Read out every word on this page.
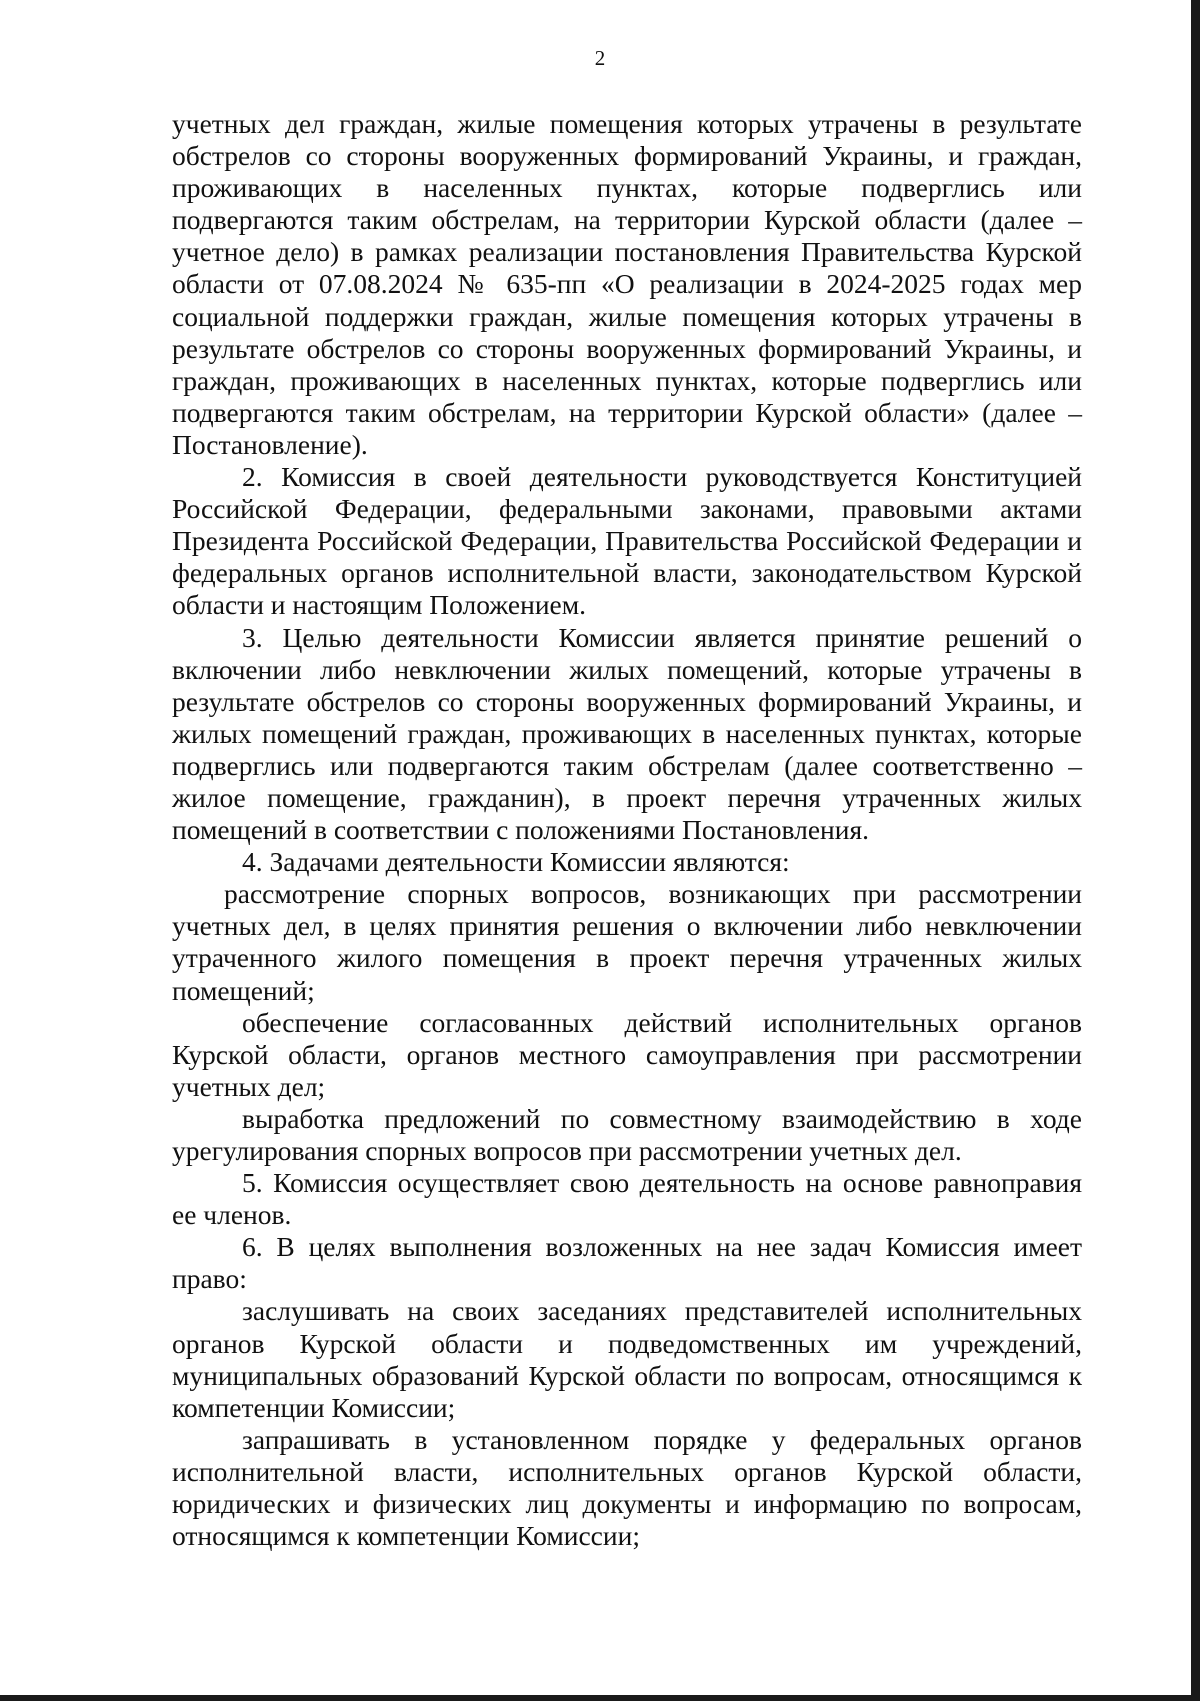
2

учетных дел граждан, жилые помещения которых утрачены в результате обстрелов со стороны вооруженных формирований Украины, и граждан, проживающих в населенных пунктах, которые подверглись или подвергаются таким обстрелам, на территории Курской области (далее – учетное дело) в рамках реализации постановления Правительства Курской области от 07.08.2024 № 635-пп «О реализации в 2024-2025 годах мер социальной поддержки граждан, жилые помещения которых утрачены в результате обстрелов со стороны вооруженных формирований Украины, и граждан, проживающих в населенных пунктах, которые подверглись или подвергаются таким обстрелам, на территории Курской области» (далее – Постановление).

2. Комиссия в своей деятельности руководствуется Конституцией Российской Федерации, федеральными законами, правовыми актами Президента Российской Федерации, Правительства Российской Федерации и федеральных органов исполнительной власти, законодательством Курской области и настоящим Положением.

3. Целью деятельности Комиссии является принятие решений о включении либо невключении жилых помещений, которые утрачены в результате обстрелов со стороны вооруженных формирований Украины, и жилых помещений граждан, проживающих в населенных пунктах, которые подверглись или подвергаются таким обстрелам (далее соответственно – жилое помещение, гражданин), в проект перечня утраченных жилых помещений в соответствии с положениями Постановления.

4. Задачами деятельности Комиссии являются:

рассмотрение спорных вопросов, возникающих при рассмотрении учетных дел, в целях принятия решения о включении либо невключении утраченного жилого помещения в проект перечня утраченных жилых помещений;

обеспечение согласованных действий исполнительных органов Курской области, органов местного самоуправления при рассмотрении учетных дел;

выработка предложений по совместному взаимодействию в ходе урегулирования спорных вопросов при рассмотрении учетных дел.

5. Комиссия осуществляет свою деятельность на основе равноправия ее членов.

6. В целях выполнения возложенных на нее задач Комиссия имеет право:

заслушивать на своих заседаниях представителей исполнительных органов Курской области и подведомственных им учреждений, муниципальных образований Курской области по вопросам, относящимся к компетенции Комиссии;

запрашивать в установленном порядке у федеральных органов исполнительной власти, исполнительных органов Курской области, юридических и физических лиц документы и информацию по вопросам, относящимся к компетенции Комиссии;
